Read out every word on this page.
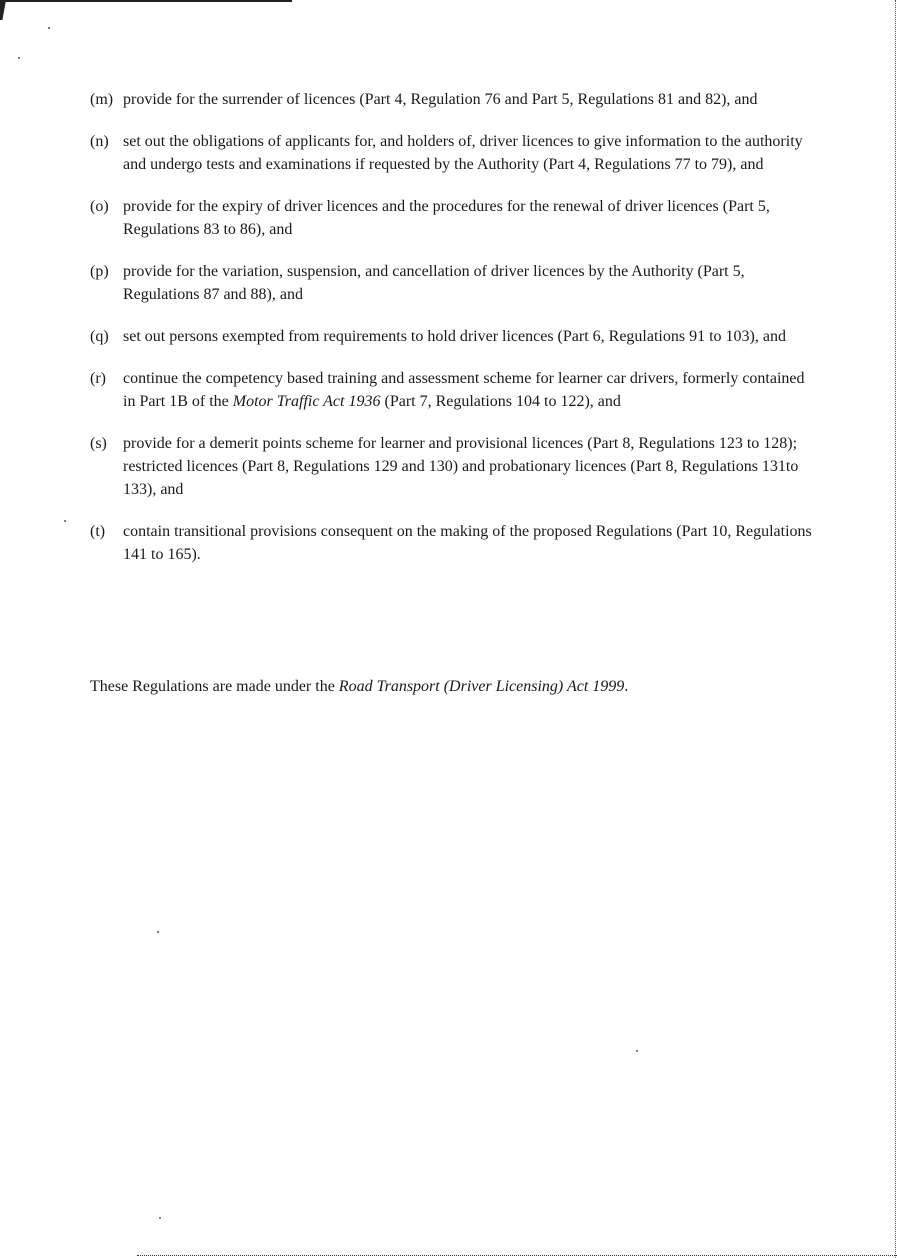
(m) provide for the surrender of licences (Part 4, Regulation 76 and Part 5, Regulations 81 and 82), and
(n) set out the obligations of applicants for, and holders of, driver licences to give information to the authority and undergo tests and examinations if requested by the Authority (Part 4, Regulations 77 to 79), and
(o) provide for the expiry of driver licences and the procedures for the renewal of driver licences (Part 5, Regulations 83 to 86), and
(p) provide for the variation, suspension, and cancellation of driver licences by the Authority (Part 5, Regulations 87 and 88), and
(q) set out persons exempted from requirements to hold driver licences (Part 6, Regulations 91 to 103), and
(r) continue the competency based training and assessment scheme for learner car drivers, formerly contained in Part 1B of the Motor Traffic Act 1936 (Part 7, Regulations 104 to 122), and
(s) provide for a demerit points scheme for learner and provisional licences (Part 8, Regulations 123 to 128); restricted licences (Part 8, Regulations 129 and 130) and probationary licences (Part 8, Regulations 131to 133), and
(t) contain transitional provisions consequent on the making of the proposed Regulations (Part 10, Regulations 141 to 165).
These Regulations are made under the Road Transport (Driver Licensing) Act 1999.
